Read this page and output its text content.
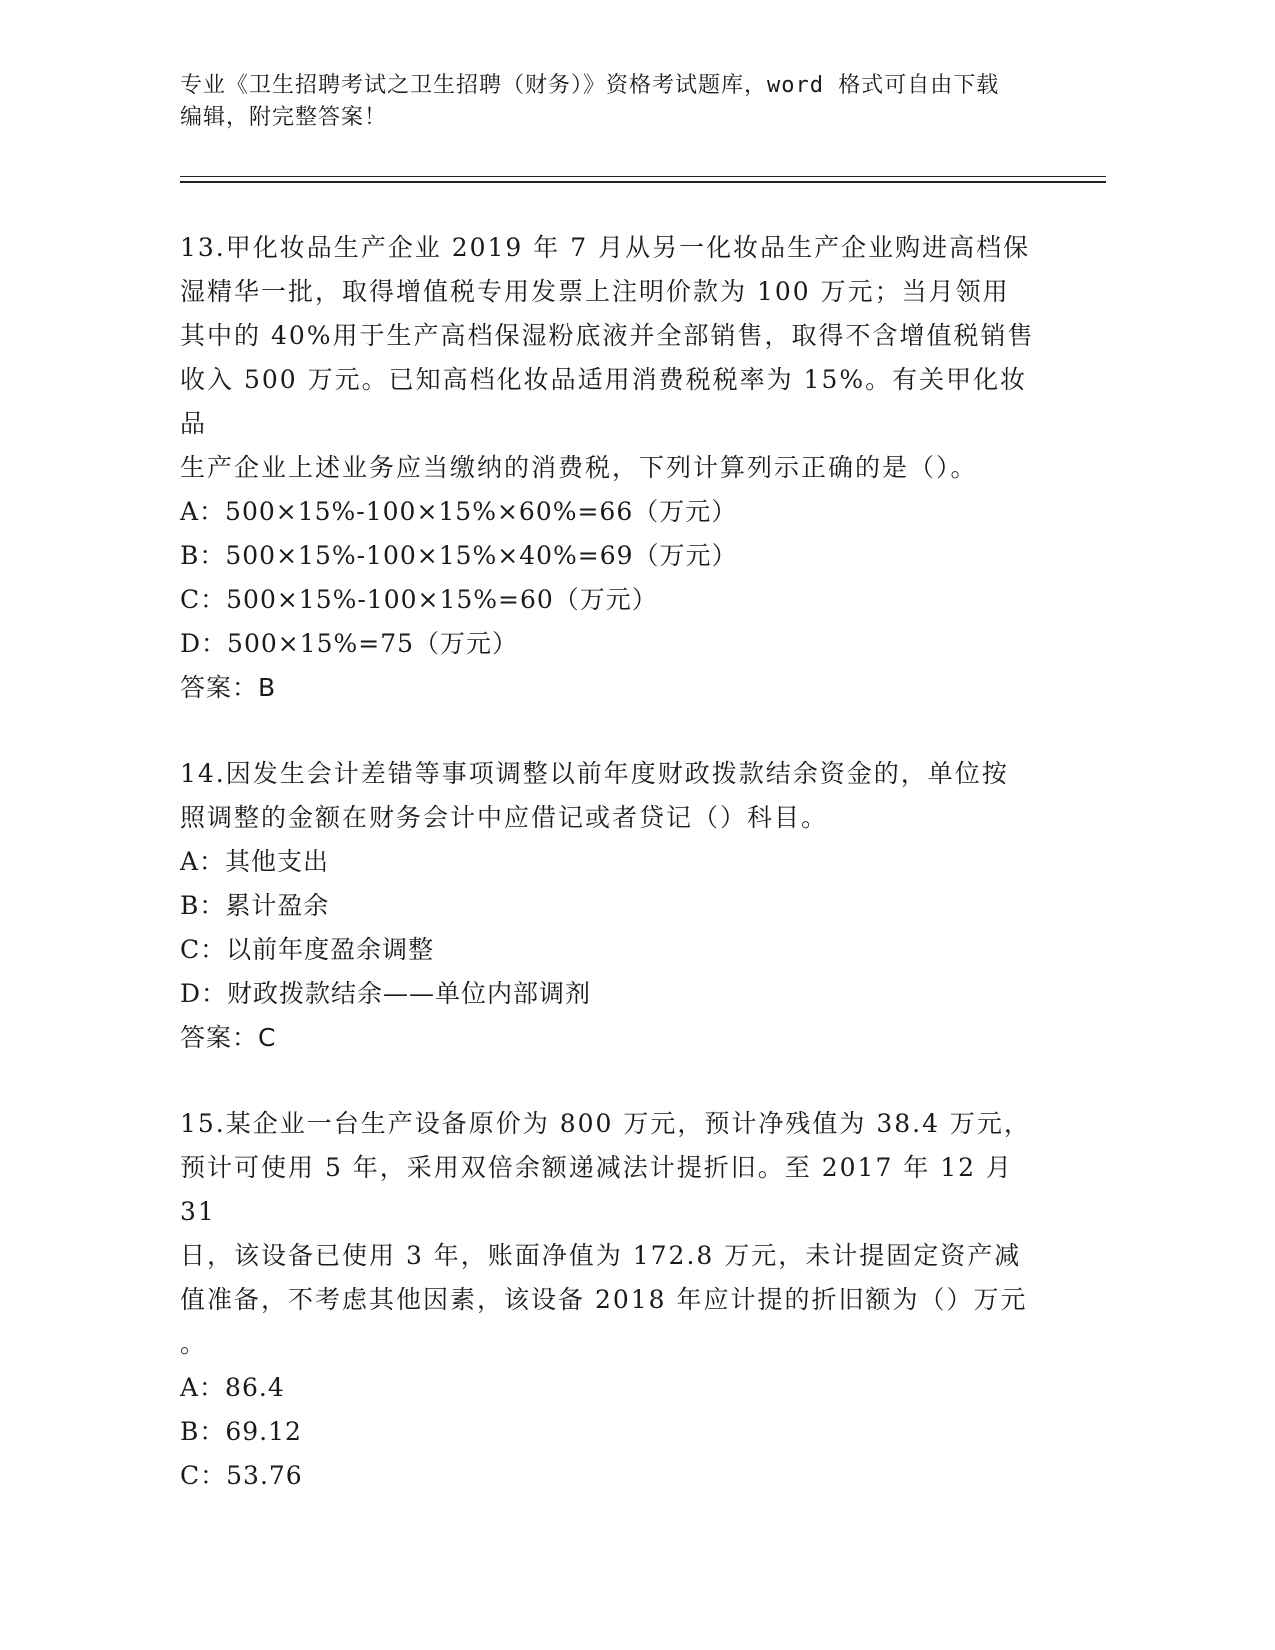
专业《卫生招聘考试之卫生招聘（财务）》资格考试题库，word 格式可自由下载

编辑，附完整答案！

13.甲化妆品生产企业 2019 年 7 月从另一化妆品生产企业购进高档保
湿精华一批，取得增值税专用发票上注明价款为 100 万元；当月领用
其中的 40%用于生产高档保湿粉底液并全部销售，取得不含增值税销售
收入 500 万元。已知高档化妆品适用消费税税率为 15%。有关甲化妆品
生产企业上述业务应当缴纳的消费税，下列计算列示正确的是（）。
A：500×15%-100×15%×60%=66（万元）
B：500×15%-100×15%×40%=69（万元）
C：500×15%-100×15%=60（万元）
D：500×15%=75（万元）
答案：B
14.因发生会计差错等事项调整以前年度财政拨款结余资金的，单位按
照调整的金额在财务会计中应借记或者贷记（）科目。
A：其他支出
B：累计盈余
C：以前年度盈余调整
D：财政拨款结余——单位内部调剂
答案：C
15.某企业一台生产设备原价为 800 万元，预计净残值为 38.4 万元，
预计可使用 5 年，采用双倍余额递减法计提折旧。至 2017 年 12 月 31
日，该设备已使用 3 年，账面净值为 172.8 万元，未计提固定资产减
值准备，不考虑其他因素，该设备 2018 年应计提的折旧额为（）万元
。
A：86.4
B：69.12
C：53.76
